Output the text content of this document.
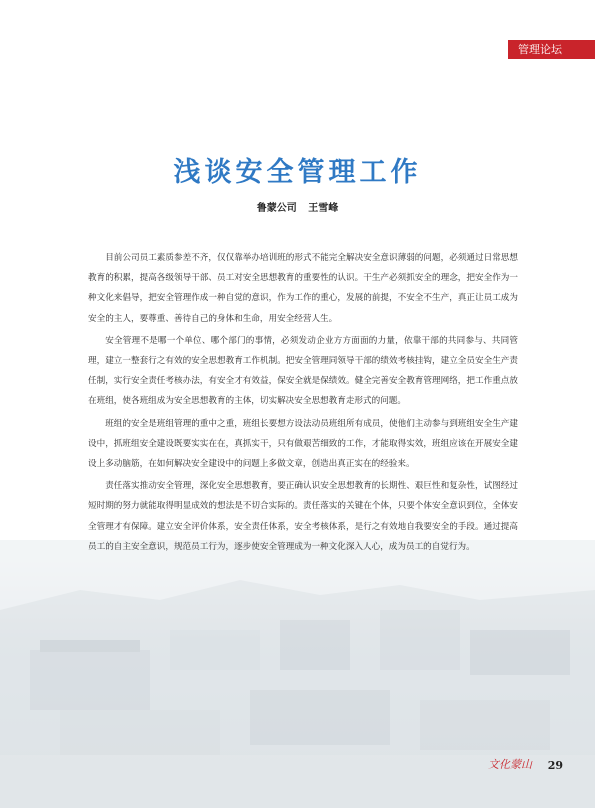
管理论坛
浅谈安全管理工作
鲁蒙公司 王雪峰

目前公司员工素质参差不齐，仅仅靠举办培训班的形式不能完全解决安全意识薄弱的问题，必须通过日常思想教育的积累，提高各级领导干部、员工对安全思想教育的重要性的认识。干生产必须抓安全的理念，把安全作为一种文化来倡导，把安全管理作成一种自觉的意识，作为工作的重心，发展的前提，不安全不生产，真正让员工成为安全的主人，要尊重、善待自己的身体和生命，用安全经营人生。

安全管理不是哪一个单位、哪个部门的事情，必须发动企业方方面面的力量，依靠干部的共同参与、共同管理，建立一整套行之有效的安全思想教育工作机制。把安全管理同领导干部的绩效考核挂钩，建立全员安全生产责任制，实行安全责任考核办法，有安全才有效益，保安全就是保绩效。健全完善安全教育管理网络，把工作重点放在班组，使各班组成为安全思想教育的主体，切实解决安全思想教育走形式的问题。

班组的安全是班组管理的重中之重，班组长要想方设法动员班组所有成员，使他们主动参与到班组安全生产建设中，抓班组安全建设既要实实在在，真抓实干，只有做艰苦细致的工作，才能取得实效，班组应该在开展安全建设上多动脑筋，在如何解决安全建设中的问题上多做文章，创造出真正实在的经验来。

责任落实推动安全管理，深化安全思想教育，要正确认识安全思想教育的长期性、艰巨性和复杂性，试图经过短时期的努力就能取得明显成效的想法是不切合实际的。责任落实的关键在个体，只要个体安全意识到位，全体安全管理才有保障。建立安全评价体系，安全责任体系，安全考核体系，是行之有效地自我要安全的手段。通过提高员工的自主安全意识，规范员工行为，逐步使安全管理成为一种文化深入人心，成为员工的自觉行为。

文化蒙山 29
